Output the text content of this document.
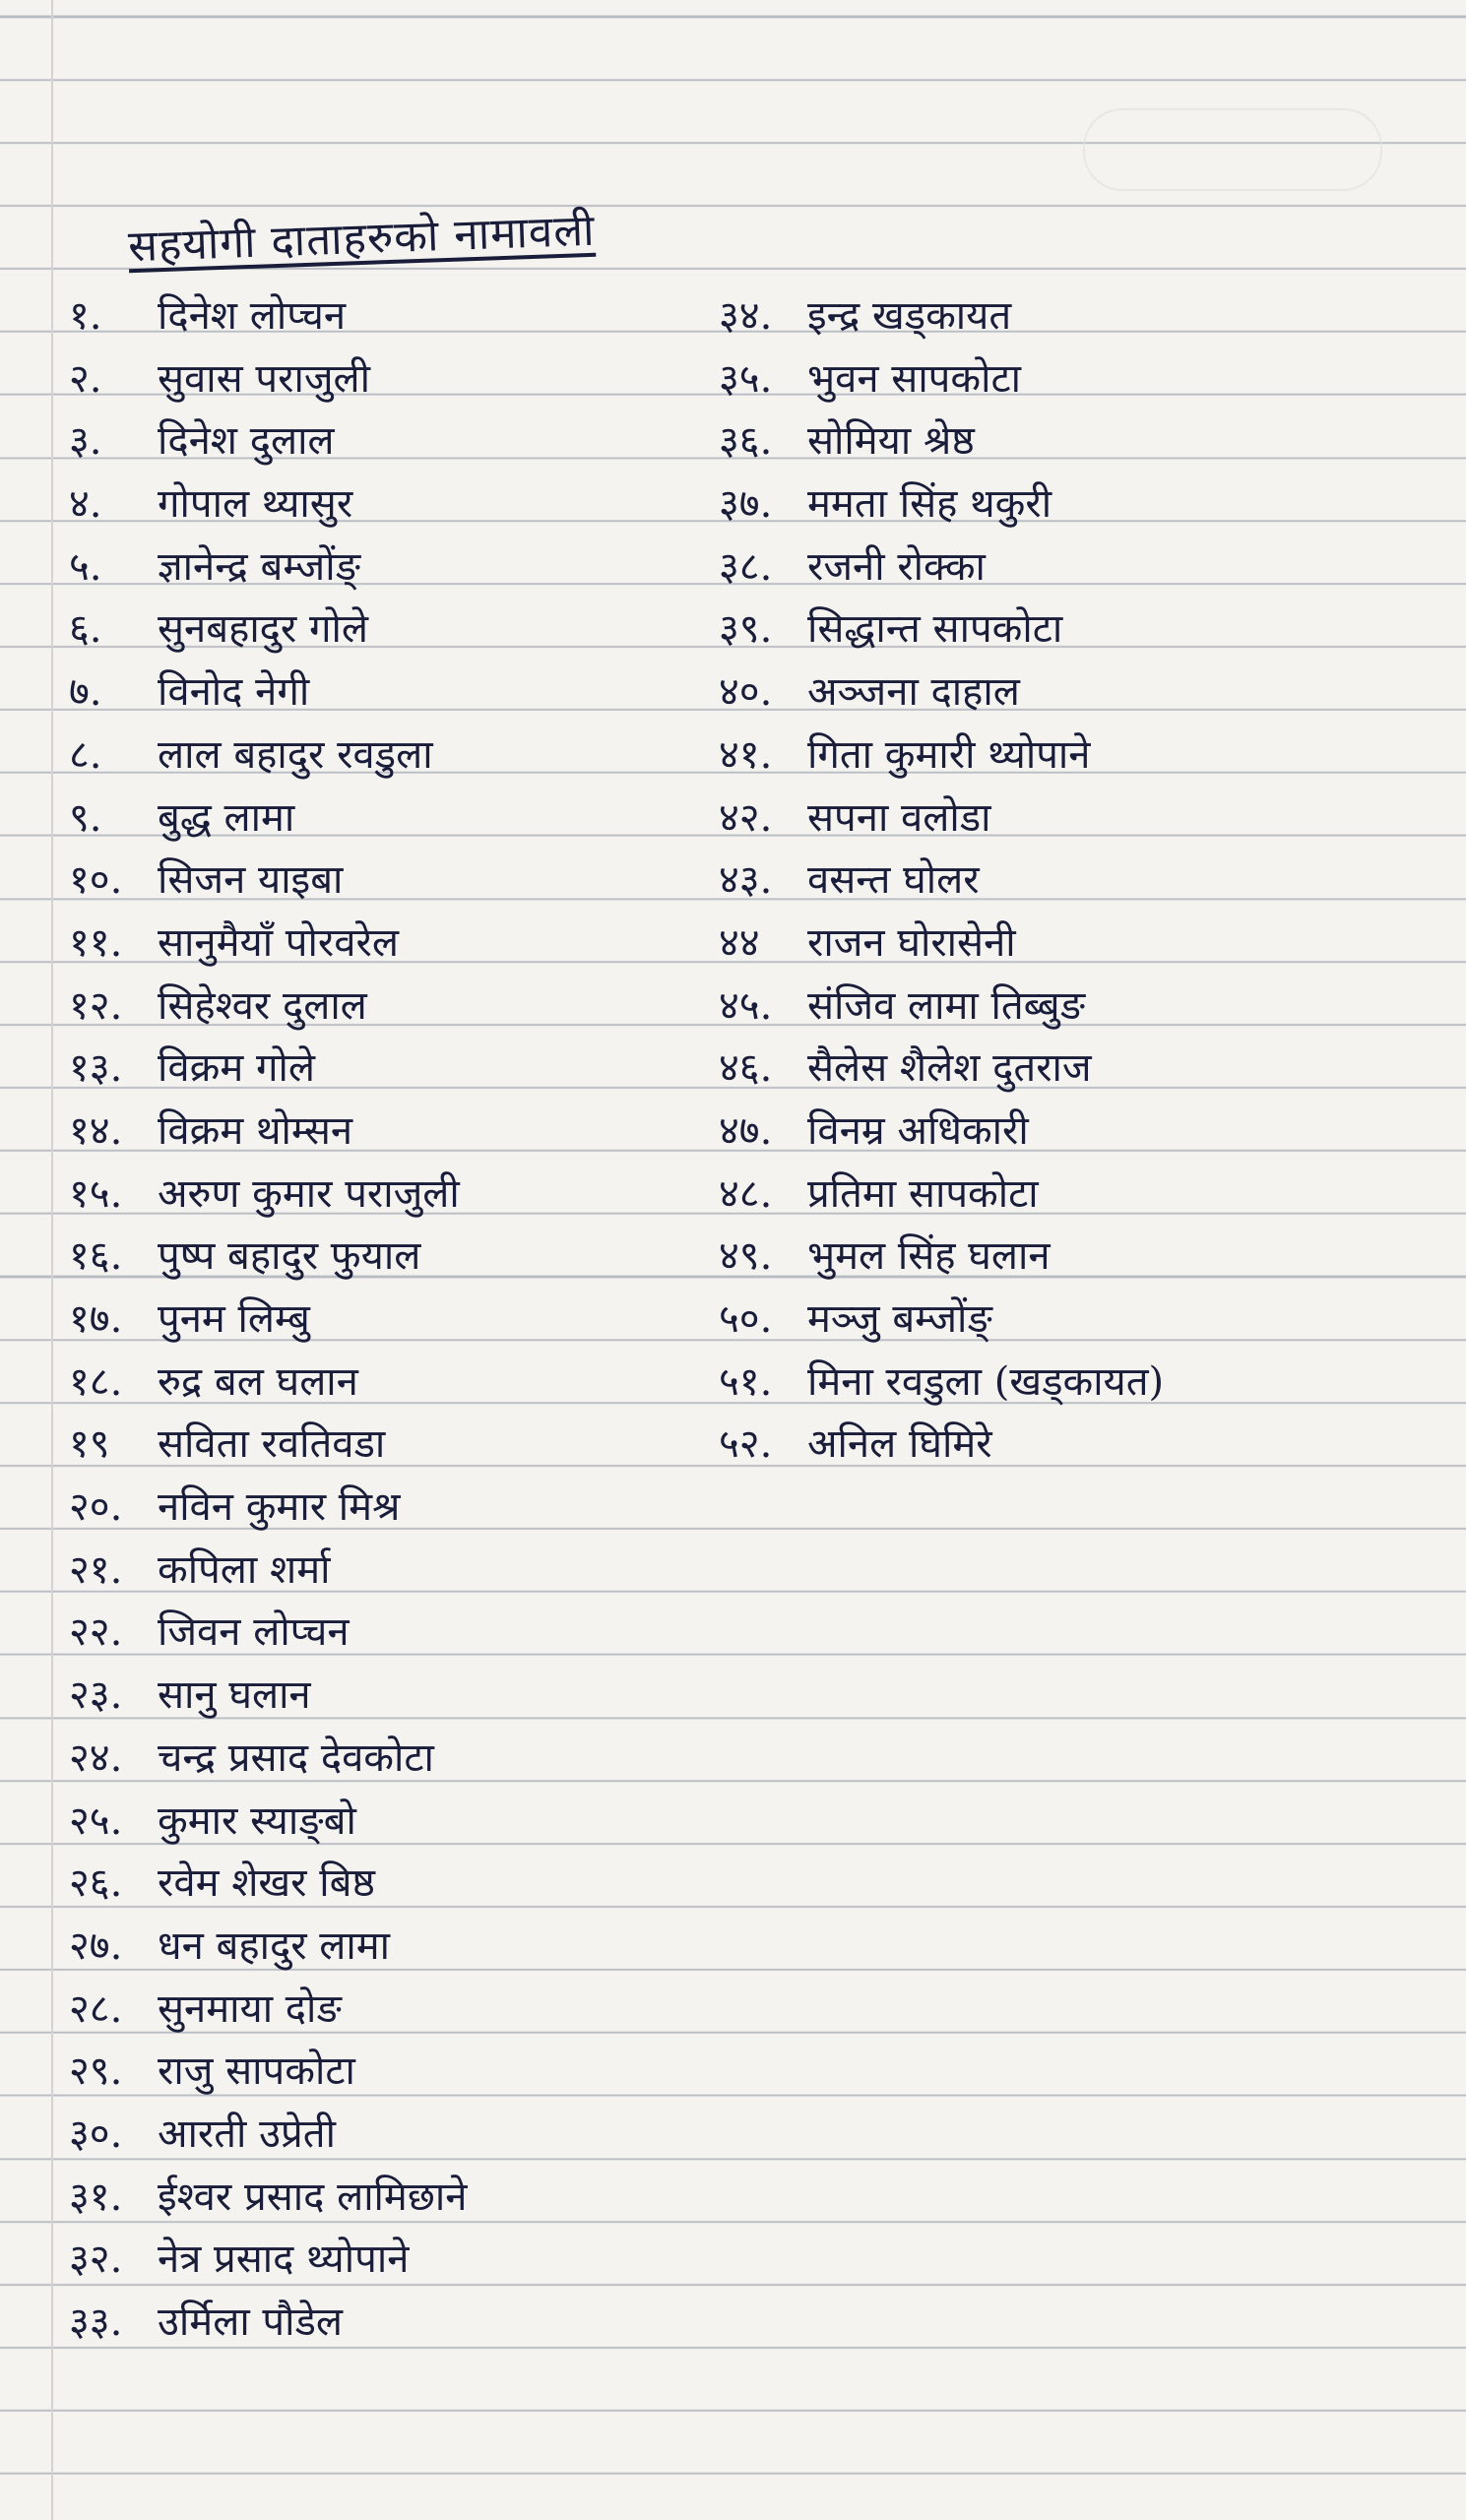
सहयोगी दाताहरुको नामावली
१. दिनेश लोप्चन
२. सुवास पराजुली
३. दिनेश दुलाल
४. गोपाल थ्यासुर
५. ज्ञानेन्द्र बम्जोंङ्
६. सुनबहादुर गोले
७. विनोद नेगी
८. लाल बहादुर रवडुला
९. बुद्ध लामा
१०. सिजन याइबा
११. सानुमैयाँ पोरवरेल
१२. सिहेश्वर दुलाल
१३. विक्रम गोले
१४. विक्रम थोम्सन
१५. अरुण कुमार पराजुली
१६. पुष्प बहादुर फुयाल
१७. पुनम लिम्बु
१८. रुद्र बल घलान
१९ सविता रवतिवडा
२०. नविन कुमार मिश्र
२१. कपिला शर्मा
२२. जिवन लोप्चन
२३. सानु घलान
२४. चन्द्र प्रसाद देवकोटा
२५. कुमार स्याङ्बो
२६. रवेम शेखर बिष्ठ
२७. धन बहादुर लामा
२८. सुनमाया दोङ
२९. राजु सापकोटा
३०. आरती उप्रेती
३१. ईश्वर प्रसाद लामिछाने
३२. नेत्र प्रसाद थ्योपाने
३३. उर्मिला पौडेल
३४. इन्द्र खड्कायत
३५. भुवन सापकोटा
३६. सोमिया श्रेष्ठ
३७. ममता सिंह थकुरी
३८. रजनी रोक्का
३९. सिद्धान्त सापकोटा
४०. अञ्जना दाहाल
४१. गिता कुमारी थ्योपाने
४२. सपना वलोडा
४३. वसन्त घोलर
४४ राजन घोरासेनी
४५. संजिव लामा तिब्बुङ
४६. सैलेस शैलेश दुतराज
४७. विनम्र अधिकारी
४८. प्रतिमा सापकोटा
४९. भुमल सिंह घलान
५०. मञ्जु बम्जोंङ्
५१. मिना रवडुला (खड्कायत)
५२. अनिल घिमिरे
